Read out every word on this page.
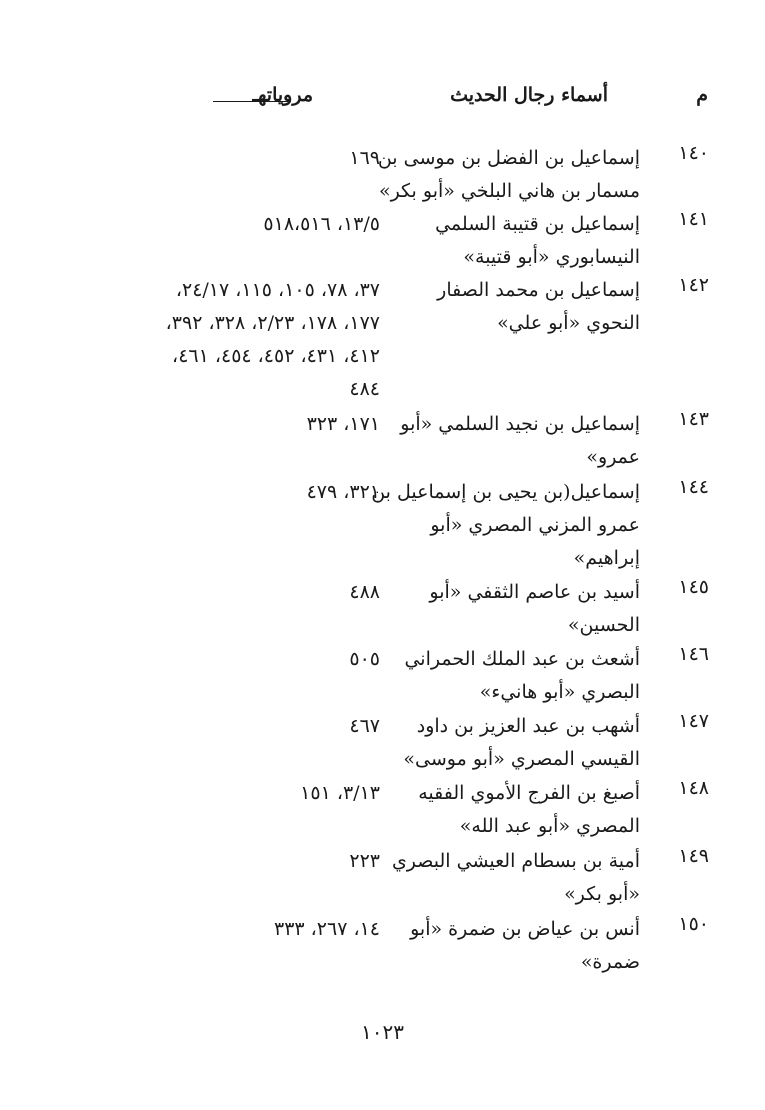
م
أسماء رجال الحديث
مروياتهـ
١٤٠
إسماعيل بن الفضل بن موسى بن
مسمار بن هاني البلخي «أبو بكر»
١٦٩
١٤١
إسماعيل بن قتيبة السلمي
النيسابوري «أبو قتيبة»
١٣/٥، ٥١٨،٥١٦
١٤٢
إسماعيل بن محمد الصفار
النحوي «أبو علي»
٣٧، ٧٨، ١٠٥، ١١٥، ٢٤/١٧،
١٧٧، ١٧٨، ٢/٢٣، ٣٢٨، ٣٩٢،
٤١٢، ٤٣١، ٤٥٢، ٤٥٤، ٤٦١،
٤٨٤
١٤٣
إسماعيل بن نجيد السلمي «أبو
عمرو»
١٧١، ٣٢٣
١٤٤
إسماعيل(بن يحيى بن إسماعيل بن
عمرو المزني المصري «أبو
إبراهيم»
٣٢١، ٤٧٩
١٤٥
أسيد بن عاصم الثقفي «أبو
الحسين»
٤٨٨
١٤٦
أشعث بن عبد الملك الحمراني
البصري «أبو هانيء»
٥٠٥
١٤٧
أشهب بن عبد العزيز بن داود
القيسي المصري «أبو موسى»
٤٦٧
١٤٨
أصبغ بن الفرج الأموي الفقيه
المصري «أبو عبد الله»
٣/١٣، ١٥١
١٤٩
أمية بن بسطام العيشي البصري
«أبو بكر»
٢٢٣
١٥٠
أنس بن عياض بن ضمرة «أبو
ضمرة»
١٤، ٢٦٧، ٣٣٣
١٠٢٣
